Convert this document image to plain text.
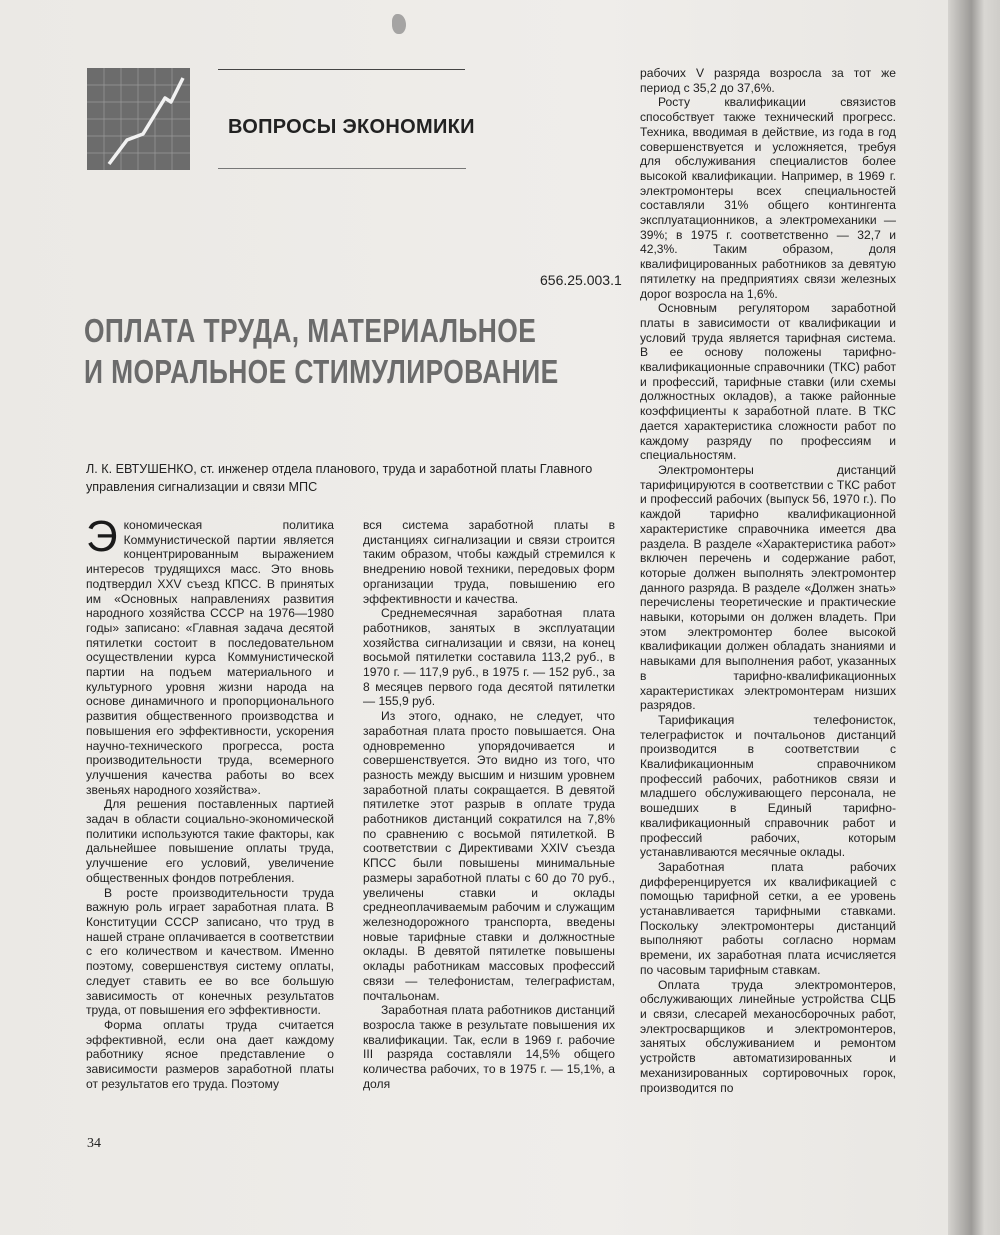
ВОПРОСЫ ЭКОНОМИКИ
656.25.003.1
ОПЛАТА ТРУДА, МАТЕРИАЛЬНОЕ
И МОРАЛЬНОЕ СТИМУЛИРОВАНИЕ
Л. К. ЕВТУШЕНКО, ст. инженер отдела планового, труда и заработной платы Главного управления сигнализации и связи МПС

Экономическая политика Коммунистической партии является концентрированным выражением интересов трудящихся масс. Это вновь подтвердил XXV съезд КПСС. В принятых им «Основных направлениях развития народного хозяйства СССР на 1976—1980 годы» записано: «Главная задача десятой пятилетки состоит в последовательном осуществлении курса Коммунистической партии на подъем материального и культурного уровня жизни народа на основе динамичного и пропорционального развития общественного производства и повышения его эффективности, ускорения научно-технического прогресса, роста производительности труда, всемерного улучшения качества работы во всех звеньях народного хозяйства».

Для решения поставленных партией задач в области социально-экономической политики используются такие факторы, как дальнейшее повышение оплаты труда, улучшение его условий, увеличение общественных фондов потребления.

В росте производительности труда важную роль играет заработная плата. В Конституции СССР записано, что труд в нашей стране оплачивается в соответствии с его количеством и качеством. Именно поэтому, совершенствуя систему оплаты, следует ставить ее во все большую зависимость от конечных результатов труда, от повышения его эффективности.

Форма оплаты труда считается эффективной, если она дает каждому работнику ясное представление о зависимости размеров заработной платы от результатов его труда. Поэтому

вся система заработной платы в дистанциях сигнализации и связи строится таким образом, чтобы каждый стремился к внедрению новой техники, передовых форм организации труда, повышению его эффективности и качества.

Среднемесячная заработная плата работников, занятых в эксплуатации хозяйства сигнализации и связи, на конец восьмой пятилетки составила 113,2 руб., в 1970 г. — 117,9 руб., в 1975 г. — 152 руб., за 8 месяцев первого года десятой пятилетки — 155,9 руб.

Из этого, однако, не следует, что заработная плата просто повышается. Она одновременно упорядочивается и совершенствуется. Это видно из того, что разность между высшим и низшим уровнем заработной платы сокращается. В девятой пятилетке этот разрыв в оплате труда работников дистанций сократился на 7,8% по сравнению с восьмой пятилеткой. В соответствии с Директивами XXIV съезда КПСС были повышены минимальные размеры заработной платы с 60 до 70 руб., увеличены ставки и оклады среднеоплачиваемым рабочим и служащим железнодорожного транспорта, введены новые тарифные ставки и должностные оклады. В девятой пятилетке повышены оклады работникам массовых профессий связи — телефонистам, телеграфистам, почтальонам.

Заработная плата работников дистанций возросла также в результате повышения их квалификации. Так, если в 1969 г. рабочие III разряда составляли 14,5% общего количества рабочих, то в 1975 г. — 15,1%, а доля

рабочих V разряда возросла за тот же период с 35,2 до 37,6%.

Росту квалификации связистов способствует также технический прогресс. Техника, вводимая в действие, из года в год совершенствуется и усложняется, требуя для обслуживания специалистов более высокой квалификации. Например, в 1969 г. электромонтеры всех специальностей составляли 31% общего контингента эксплуатационников, а электромеханики — 39%; в 1975 г. соответственно — 32,7 и 42,3%. Таким образом, доля квалифицированных работников за девятую пятилетку на предприятиях связи железных дорог возросла на 1,6%.

Основным регулятором заработной платы в зависимости от квалификации и условий труда является тарифная система. В ее основу положены тарифно-квалификационные справочники (ТКС) работ и профессий, тарифные ставки (или схемы должностных окладов), а также районные коэффициенты к заработной плате. В ТКС дается характеристика сложности работ по каждому разряду по профессиям и специальностям.

Электромонтеры дистанций тарифицируются в соответствии с ТКС работ и профессий рабочих (выпуск 56, 1970 г.). По каждой тарифно квалификационной характеристике справочника имеется два раздела. В разделе «Характеристика работ» включен перечень и содержание работ, которые должен выполнять электромонтер данного разряда. В разделе «Должен знать» перечислены теоретические и практические навыки, которыми он должен владеть. При этом электромонтер более высокой квалификации должен обладать знаниями и навыками для выполнения работ, указанных в тарифно-квалификационных характеристиках электромонтерам низших разрядов.

Тарификация телефонисток, телеграфисток и почтальонов дистанций производится в соответствии с Квалификационным справочником профессий рабочих, работников связи и младшего обслуживающего персонала, не вошедших в Единый тарифно-квалификационный справочник работ и профессий рабочих, которым устанавливаются месячные оклады.

Заработная плата рабочих дифференцируется их квалификацией с помощью тарифной сетки, а ее уровень устанавливается тарифными ставками. Поскольку электромонтеры дистанций выполняют работы согласно нормам времени, их заработная плата исчисляется по часовым тарифным ставкам.

Оплата труда электромонтеров, обслуживающих линейные устройства СЦБ и связи, слесарей механосборочных работ, электросварщиков и электромонтеров, занятых обслуживанием и ремонтом устройств автоматизированных и механизированных сортировочных горок, производится по

34
